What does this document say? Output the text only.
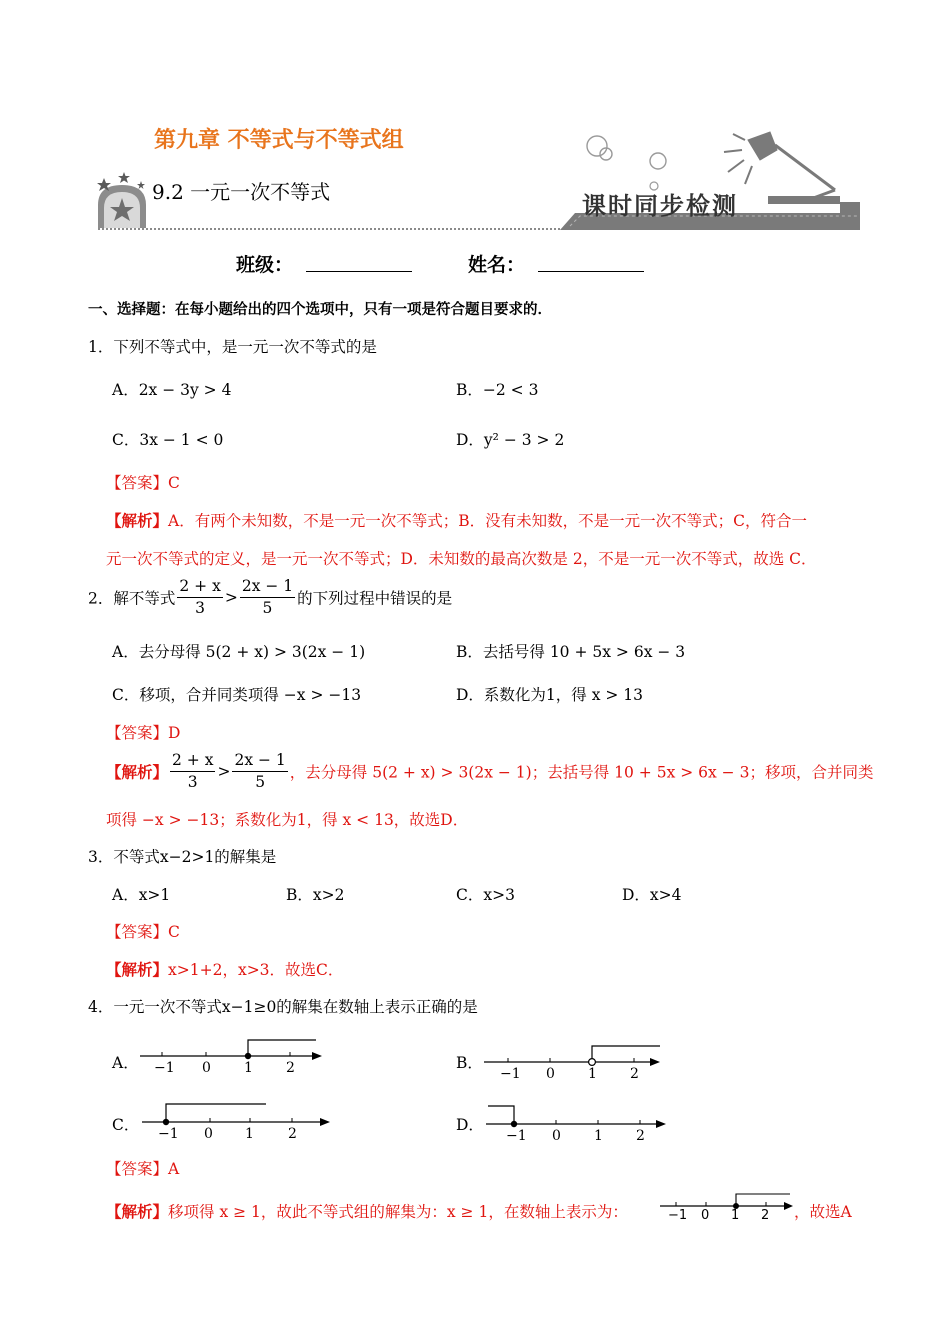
第九章 不等式与不等式组
9.2 一元一次不等式	课时同步检测
班级：	姓名：
一、选择题：在每小题给出的四个选项中，只有一项是符合题目要求的．
1．下列不等式中，是一元一次不等式的是
A．2x − 3y > 4	B．−2 < 3
C．3x − 1 < 0	D．y² − 3 > 2
【答案】C
【解析】A．有两个未知数，不是一元一次不等式；B．没有未知数，不是一元一次不等式；C，符合一
元一次不等式的定义，是一元一次不等式；D．未知数的最高次数是 2，不是一元一次不等式，故选 C．
2．解不等式 $\frac{2 + x}{3} > \frac{2x - 1}{5}$ 的下列过程中错误的是
A．去分母得 5(2 + x) > 3(2x − 1)	B．去括号得 10 + 5x > 6x − 3
C．移项，合并同类项得 −x > −13	D．系数化为1，得 x > 13
【答案】D
【解析】 $\frac{2 + x}{3} > \frac{2x - 1}{5}$ ，去分母得 5(2 + x) > 3(2x − 1)；去括号得 10 + 5x > 6x − 3；移项，合并同类
项得 −x > −13；系数化为1，得 x < 13，故选D．
3．不等式x−2>1的解集是
A．x>1	B．x>2	C．x>3	D．x>4
【答案】C
【解析】x>1+2，x>3．故选C．
4．一元一次不等式x−1≥0的解集在数轴上表示正确的是
A．	B．
C．	D．
−1 0 1 2	−1 0 1 2
−1 0 1 2	−1 0 1 2
【答案】A
【解析】移项得 x ≥ 1，故此不等式组的解集为：x ≥ 1，在数轴上表示为：	−1 0 1 2 ，故选A
